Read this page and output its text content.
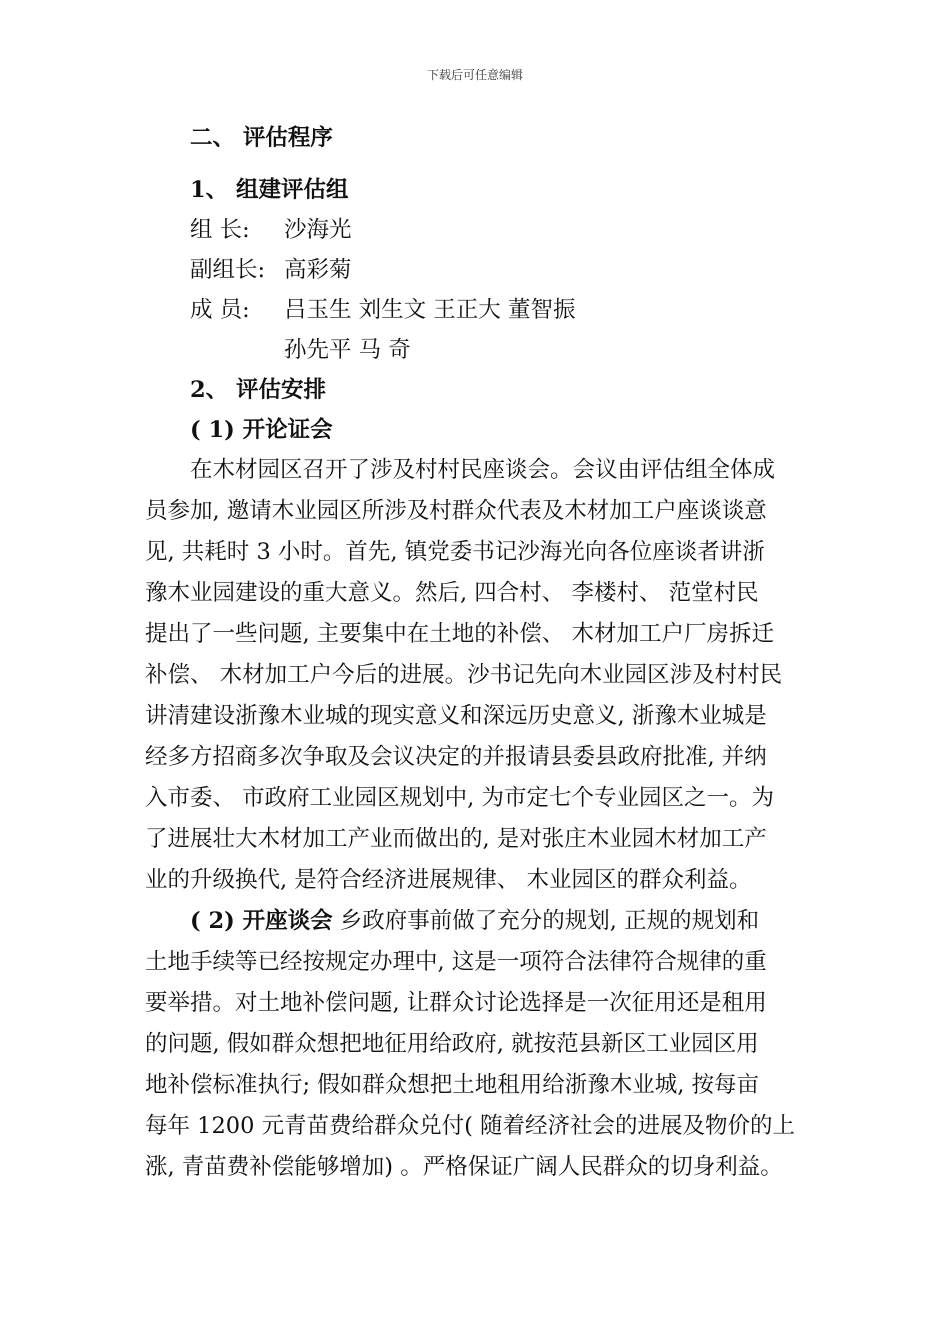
下载后可任意编辑
二、 评估程序
1、 组建评估组
组 长: 沙海光
副组长: 高彩菊
成 员: 吕玉生 刘生文 王正大 董智振
孙先平 马 奇
2、 评估安排
( 1) 开论证会
在木材园区召开了涉及村村民座谈会。会议由评估组全体成
员参加, 邀请木业园区所涉及村群众代表及木材加工户座谈谈意
见, 共耗时 3 小时。首先, 镇党委书记沙海光向各位座谈者讲浙
豫木业园建设的重大意义。然后, 四合村、 李楼村、 范堂村民
提出了一些问题, 主要集中在土地的补偿、 木材加工户厂房拆迁
补偿、 木材加工户今后的进展。沙书记先向木业园区涉及村村民
讲清建设浙豫木业城的现实意义和深远历史意义, 浙豫木业城是
经多方招商多次争取及会议决定的并报请县委县政府批准, 并纳
入市委、 市政府工业园区规划中, 为市定七个专业园区之一。为
了进展壮大木材加工产业而做出的, 是对张庄木业园木材加工产
业的升级换代, 是符合经济进展规律、 木业园区的群众利益。
( 2) 开座谈会 乡政府事前做了充分的规划, 正规的规划和
土地手续等已经按规定办理中, 这是一项符合法律符合规律的重
要举措。对土地补偿问题, 让群众讨论选择是一次征用还是租用
的问题, 假如群众想把地征用给政府, 就按范县新区工业园区用
地补偿标准执行; 假如群众想把土地租用给浙豫木业城, 按每亩
每年 1200 元青苗费给群众兑付( 随着经济社会的进展及物价的上
涨, 青苗费补偿能够增加) 。严格保证广阔人民群众的切身利益。
